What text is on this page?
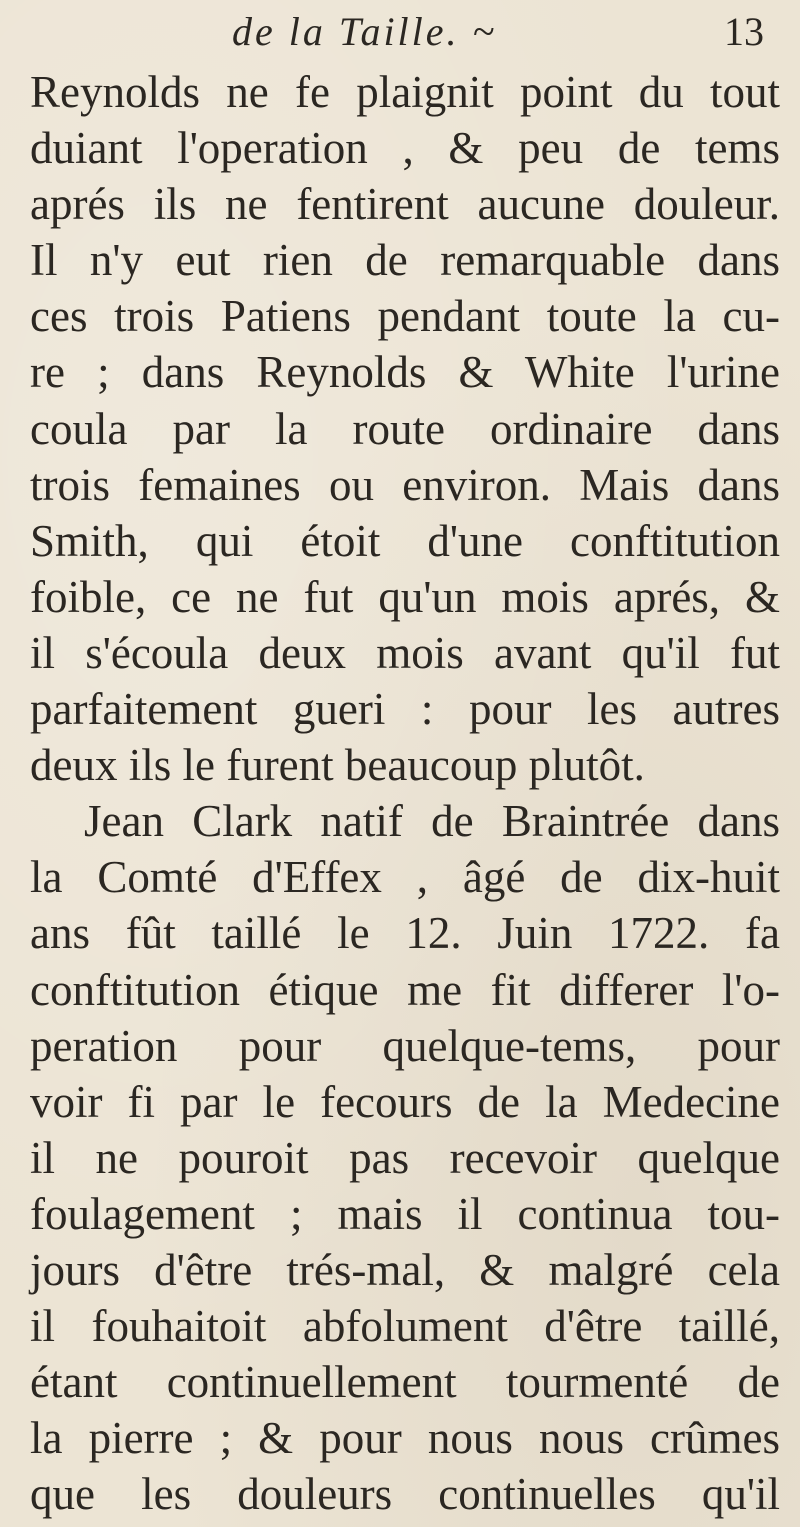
de la Taille. ~	13
Reynolds ne fe plaignit point du tout
duiant l'operation , & peu de tems
aprés ils ne fentirent aucune douleur.
Il n'y eut rien de remarquable dans
ces trois Patiens pendant toute la cu-
re ; dans Reynolds & White l'urine
coula par la route ordinaire dans
trois femaines ou environ. Mais dans
Smith, qui étoit d'une conftitution
foible, ce ne fut qu'un mois aprés, &
il s'écoula deux mois avant qu'il fut
parfaitement gueri : pour les autres
deux ils le furent beaucoup plutôt.
Jean Clark natif de Braintrée dans
la Comté d'Effex , âgé de dix-huit
ans fût taillé le 12. Juin 1722. fa
conftitution étique me fit differer l'o-
peration pour quelque-tems, pour
voir fi par le fecours de la Medecine
il ne pouroit pas recevoir quelque
foulagement ; mais il continua tou-
jours d'être trés-mal, & malgré cela
il fouhaitoit abfolument d'être taillé,
étant continuellement tourmenté de
la pierre ; & pour nous nous crûmes
que les douleurs continuelles qu'il
